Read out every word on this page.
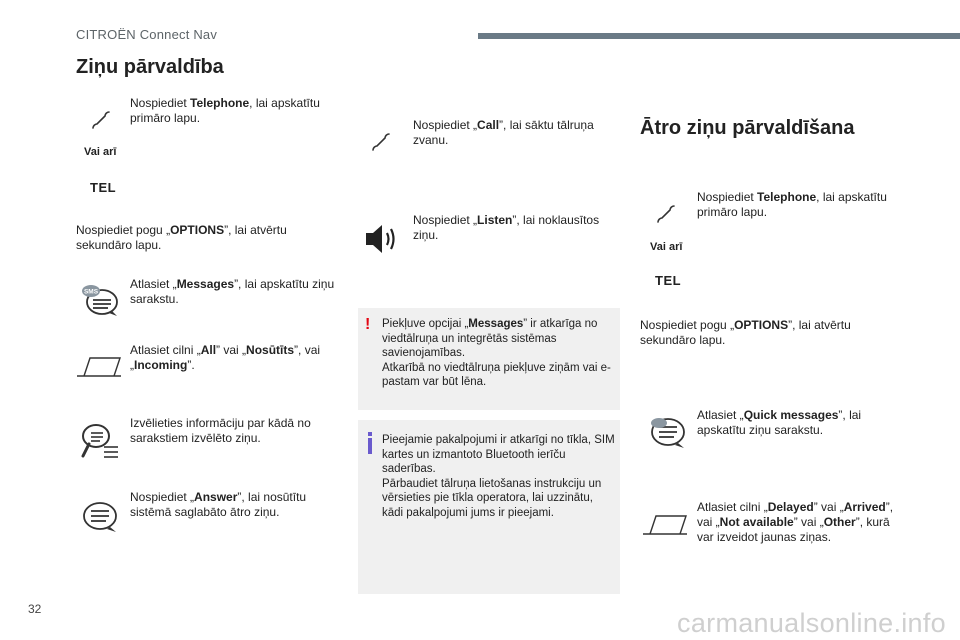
CITROËN Connect Nav
Ziņu pārvaldība
Nospiediet Telephone, lai apskatītu primāro lapu.
Vai arī
TEL
Nospiediet pogu „OPTIONS”, lai atvērtu sekundāro lapu.
SMS
Atlasiet „Messages”, lai apskatītu ziņu sarakstu.
Atlasiet cilni „All” vai „Nosūtīts”, vai „Incoming”.
Izvēlieties informāciju par kādā no sarakstiem izvēlēto ziņu.
Nospiediet „Answer”, lai nosūtītu sistēmā saglabāto ātro ziņu.
Nospiediet „Call”, lai sāktu tālruņa zvanu.
Nospiediet „Listen”, lai noklausītos ziņu.
! Piekļuve opcijai „Messages” ir atkarīga no viedtālruņa un integrētās sistēmas savienojamības.
Atkarībā no viedtālruņa piekļuve ziņām vai e-pastam var būt lēna.
Pieejamie pakalpojumi ir atkarīgi no tīkla, SIM kartes un izmantoto Bluetooth ierīču saderības.
Pārbaudiet tālruņa lietošanas instrukciju un vērsieties pie tīkla operatora, lai uzzinātu, kādi pakalpojumi jums ir pieejami.
Ātro ziņu pārvaldīšana
Nospiediet Telephone, lai apskatītu primāro lapu.
Vai arī
TEL
Nospiediet pogu „OPTIONS”, lai atvērtu sekundāro lapu.
Atlasiet „Quick messages”, lai apskatītu ziņu sarakstu.
Atlasiet cilni „Delayed” vai „Arrived”, vai „Not available” vai „Other”, kurā var izveidot jaunas ziņas.
32	carmanualsonline.info
